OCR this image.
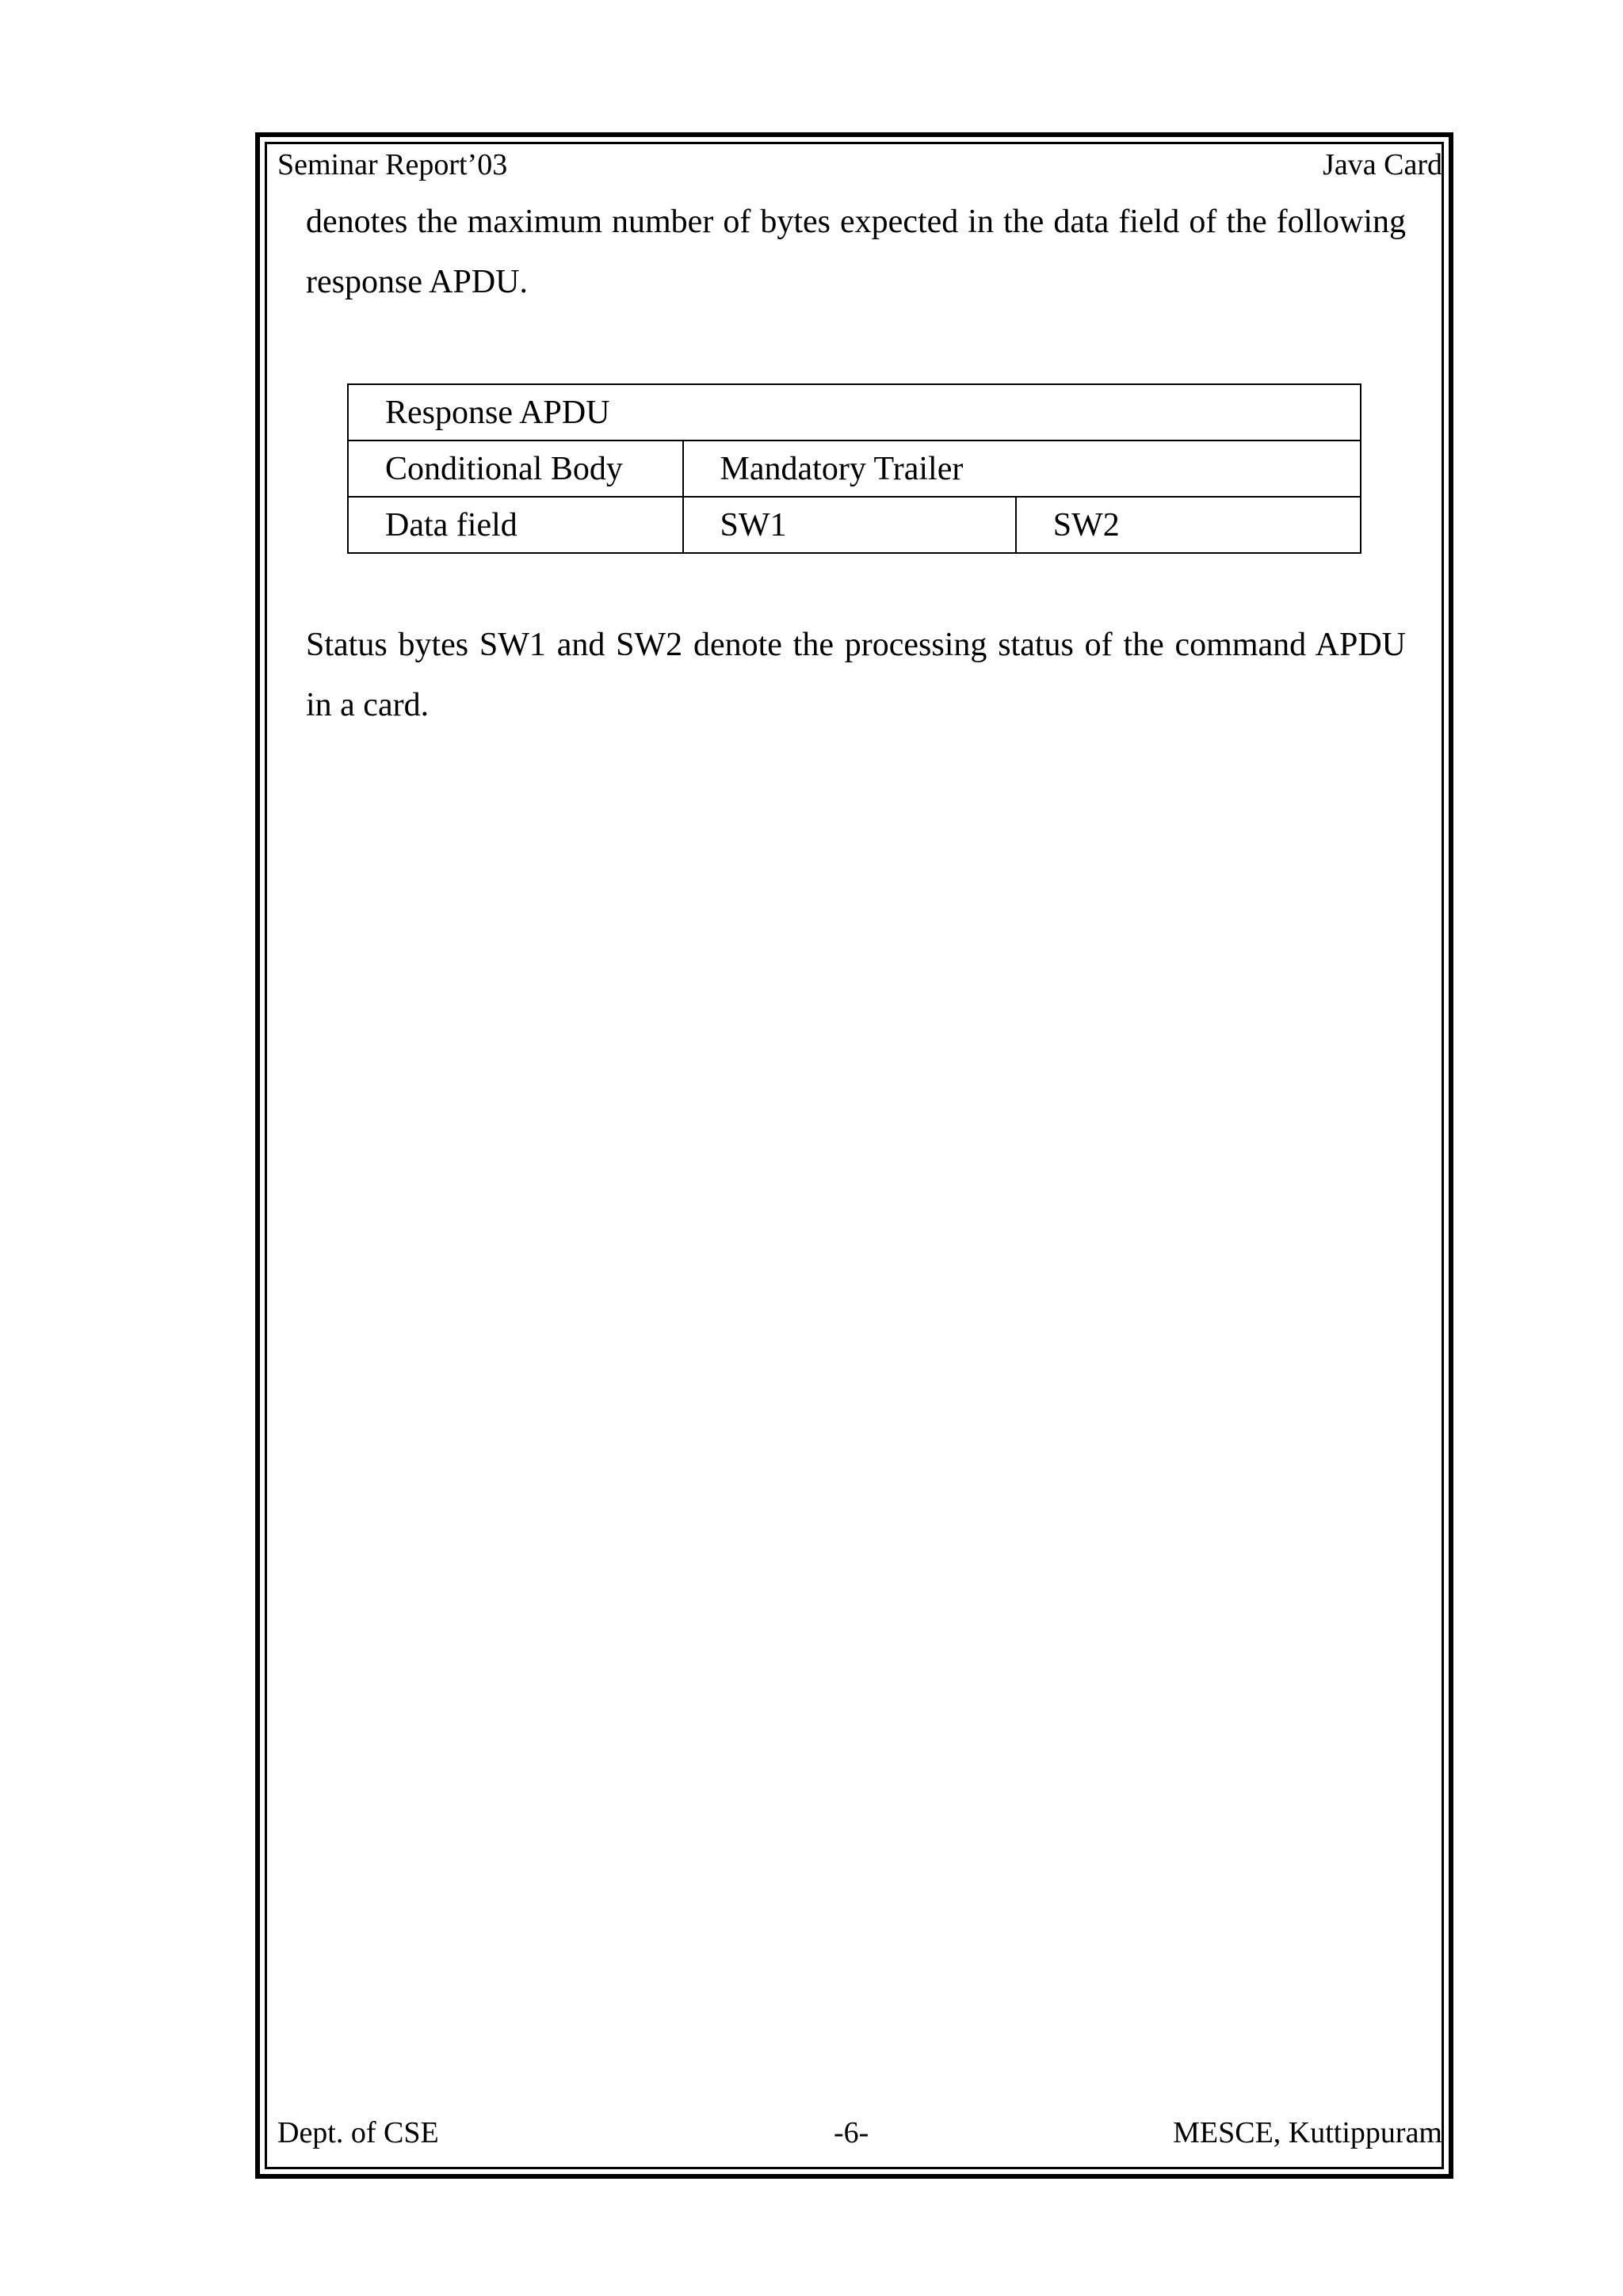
Seminar Report’03	Java Card

denotes the maximum number of bytes expected in the data field of the following response APDU.

Response APDU		
Conditional Body	Mandatory Trailer	
Data field	SW1	SW2

Status bytes SW1 and SW2 denote the processing status of the command APDU in a card.

Dept. of CSE	-6-	MESCE, Kuttippuram
